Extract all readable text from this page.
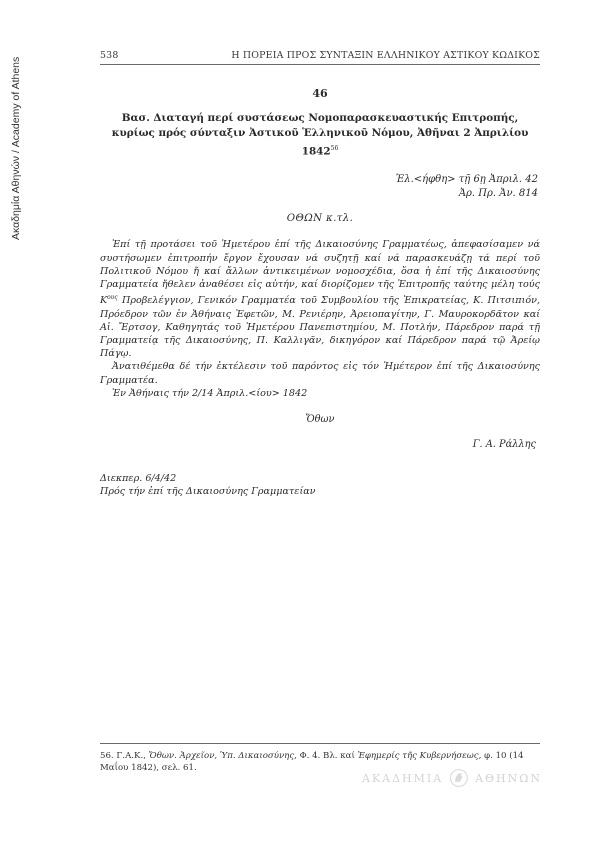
Ακαδημία Αθηνών / Academy of Athens
538	Η ΠΟΡΕΙΑ ΠΡΟΣ ΣΥΝΤΑΞΙΝ ΕΛΛΗΝΙΚΟΥ ΑΣΤΙΚΟΥ ΚΩΔΙΚΟΣ
46
Βασ. Διαταγή περί συστάσεως Νομοπαρασκευαστικής Επιτροπής, κυρίως πρός σύνταξιν Ἀστικοῦ Ἑλληνικοῦ Νόμου, Ἀθῆναι 2 Ἀπριλίου 1842$^{56}$
Ἐλ.<ήφθη> τῇ 6ῃ Ἀπριλ. 42
Ἀρ. Πρ. Ἀν. 814
ΟΘΩΝ κ.τλ.

Ἐπί τῇ προτάσει τοῦ Ἡμετέρου ἐπί τῆς Δικαιοσύνης Γραμματέως, ἀπεφασίσαμεν νά συστήσωμεν ἐπιτροπήν ἔργον ἔχουσαν νά συζητῇ καί νά παρασκευάζῃ τά περί τοῦ Πολιτικοῦ Νόμου ἤ καί ἄλλων ἀντικειμένων νομοσχέδια, ὅσα ἡ ἐπί τῆς Δικαιοσύνης Γραμματεία ἤθελεν ἀναθέσει εἰς αὐτήν, καί διορίζομεν τῆς Ἐπιτροπῆς ταύτης μέλη τούς $K^{o\upsilon\varsigma}$ Προβελέγγιον, Γενικόν Γραμματέα τοῦ Συμβουλίου τῆς Ἐπικρατείας, Κ. Πιτσιπιόν, Πρόεδρον τῶν ἐν Ἀθήναις Ἐφετῶν, Μ. Ρενιέρην, Ἀρειοπαγίτην, Γ. Μαυροκορδᾶτον καί Αἰ. Ἔρτσογ, Καθηγητάς τοῦ Ἡμετέρου Πανεπιστημίου, Μ. Ποτλήν, Πάρεδρον παρά τῇ Γραμματείᾳ τῆς Δικαιοσύνης, Π. Καλλιγᾶν, δικηγόρον καί Πάρεδρον παρά τῷ Ἀρείῳ Πάγῳ.

Ἀνατιθέμεθα δέ τήν ἐκτέλεσιν τοῦ παρόντος εἰς τόν Ἡμέτερον ἐπί τῆς Δικαιοσύνης Γραμματέα.

Ἐν Ἀθήναις τήν 2/14 Ἀπριλ.<ίου> 1842
Ὄθων
Γ. Α. Ράλλης
Διεκπερ. 6/4/42
Πρός τήν ἐπί τῆς Δικαιοσύνης Γραμματείαν
56. Γ.Α.Κ., Ὄθων. Ἀρχεῖον, Ὑπ. Δικαιοσύνης, Φ. 4. Βλ. καί Ἐφημερίς τῆς Κυβερνήσεως, φ. 10 (14 Μαΐου 1842), σελ. 61.
ΑΚΑΔΗΜΙΑ	ΑΘΗΝΩΝ
